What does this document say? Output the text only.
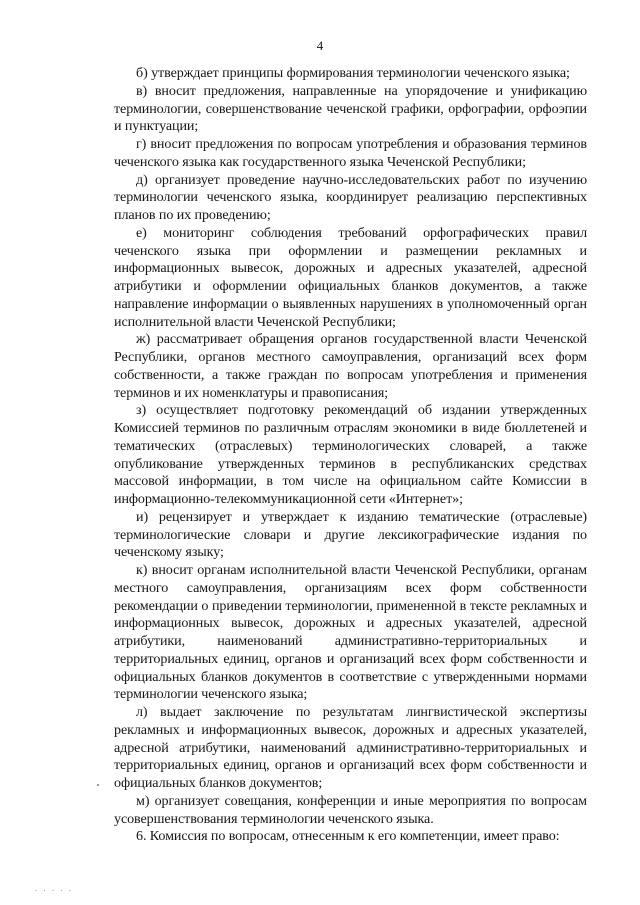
4

б) утверждает принципы формирования терминологии чеченского языка;

в) вносит предложения, направленные на упорядочение и унификацию терминологии, совершенствование чеченской графики, орфографии, орфоэпии и пунктуации;

г) вносит предложения по вопросам употребления и образования терминов чеченского языка как государственного языка Чеченской Республики;

д) организует проведение научно-исследовательских работ по изучению терминологии чеченского языка, координирует реализацию перспективных планов по их проведению;

е) мониторинг соблюдения требований орфографических правил чеченского языка при оформлении и размещении рекламных и информационных вывесок, дорожных и адресных указателей, адресной атрибутики и оформлении официальных бланков документов, а также направление информации о выявленных нарушениях в уполномоченный орган исполнительной власти Чеченской Республики;

ж) рассматривает обращения органов государственной власти Чеченской Республики, органов местного самоуправления, организаций всех форм собственности, а также граждан по вопросам употребления и применения терминов и их номенклатуры и правописания;

з) осуществляет подготовку рекомендаций об издании утвержденных Комиссией терминов по различным отраслям экономики в виде бюллетеней и тематических (отраслевых) терминологических словарей, а также опубликование утвержденных терминов в республиканских средствах массовой информации, в том числе на официальном сайте Комиссии в информационно-телекоммуникационной сети «Интернет»;

и) рецензирует и утверждает к изданию тематические (отраслевые) терминологические словари и другие лексикографические издания по чеченскому языку;

к) вносит органам исполнительной власти Чеченской Республики, органам местного самоуправления, организациям всех форм собственности рекомендации о приведении терминологии, примененной в тексте рекламных и информационных вывесок, дорожных и адресных указателей, адресной атрибутики, наименований административно-территориальных и территориальных единиц, органов и организаций всех форм собственности и официальных бланков документов в соответствие с утвержденными нормами терминологии чеченского языка;

л) выдает заключение по результатам лингвистической экспертизы рекламных и информационных вывесок, дорожных и адресных указателей, адресной атрибутики, наименований административно-территориальных и территориальных единиц, органов и организаций всех форм собственности и официальных бланков документов;

м) организует совещания, конференции и иные мероприятия по вопросам усовершенствования терминологии чеченского языка.

6. Комиссия по вопросам, отнесенным к его компетенции, имеет право:

· · · · ·
